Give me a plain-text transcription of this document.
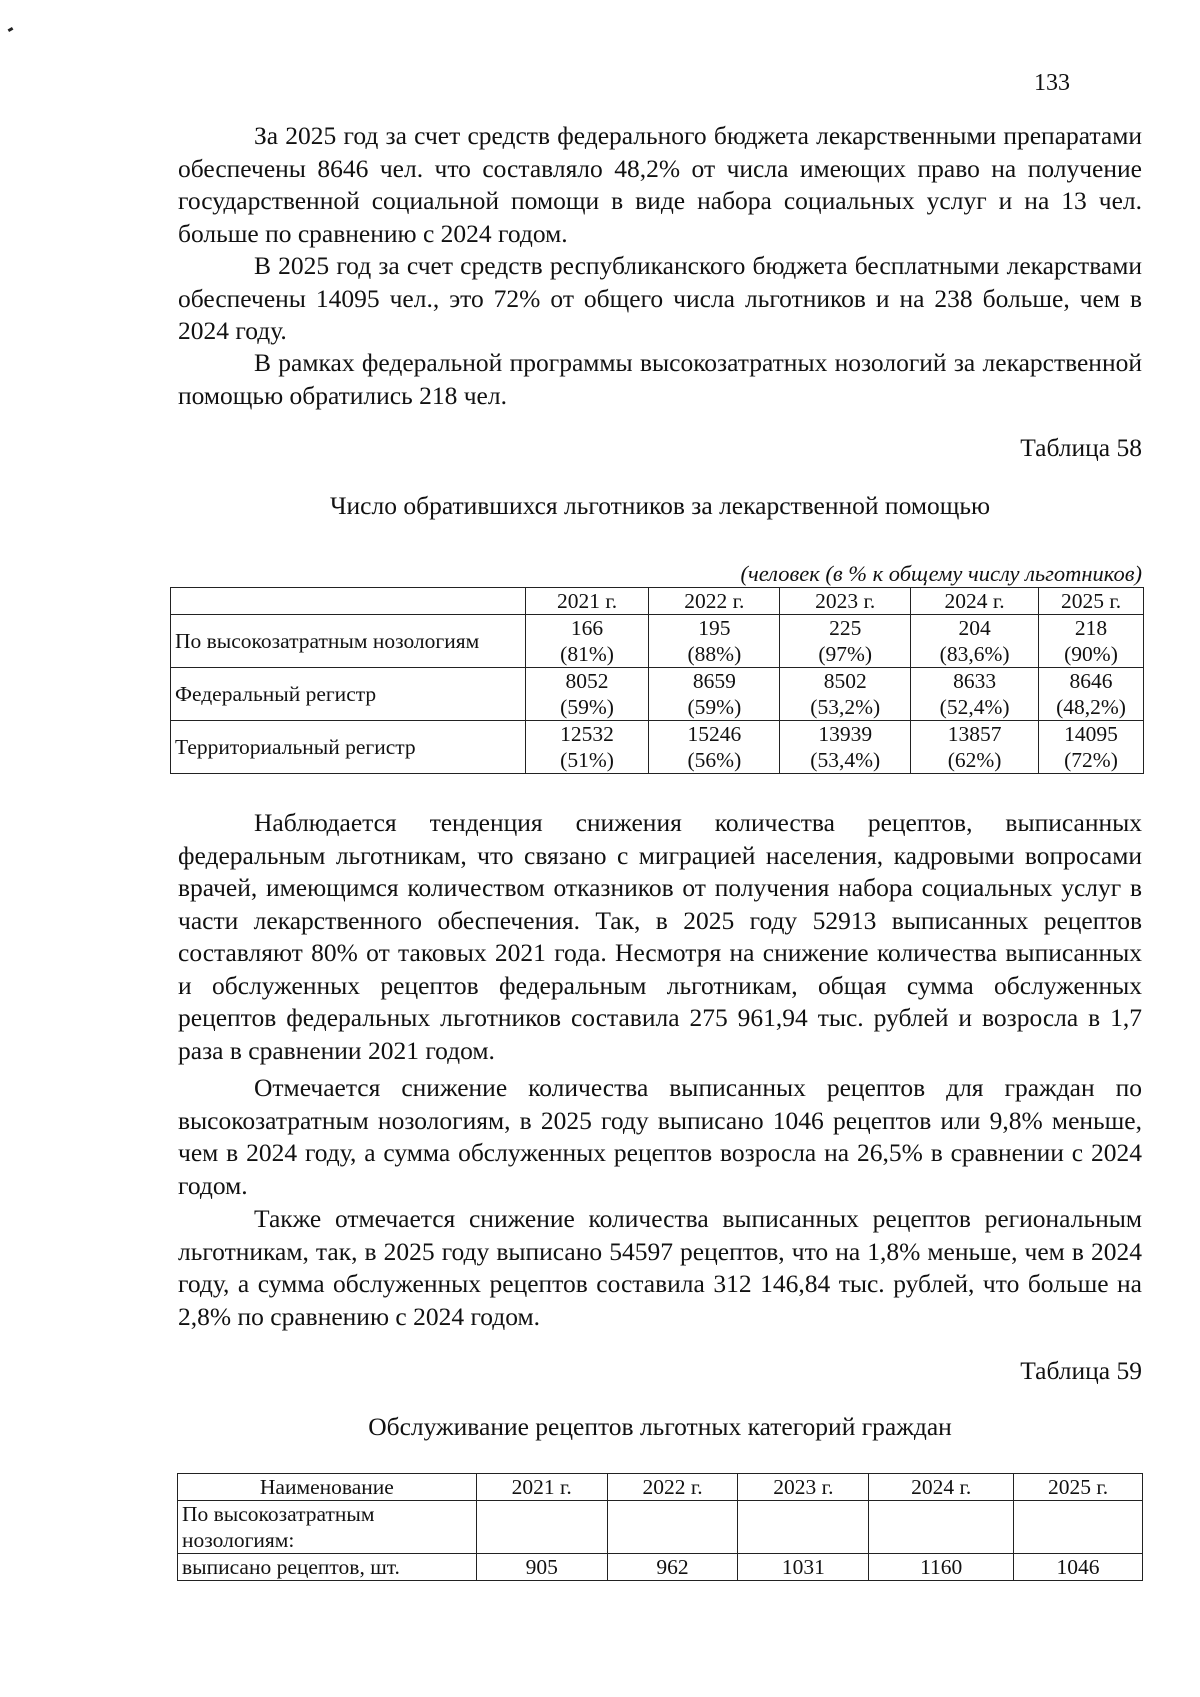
133

За 2025 год за счет средств федерального бюджета лекарственными препаратами обеспечены 8646 чел. что составляло 48,2% от числа имеющих право на получение государственной социальной помощи в виде набора социальных услуг и на 13 чел. больше по сравнению с 2024 годом.

В 2025 год за счет средств республиканского бюджета бесплатными лекарствами обеспечены 14095 чел., это 72% от общего числа льготников и на 238 больше, чем в 2024 году.

В рамках федеральной программы высокозатратных нозологий за лекарственной помощью обратились 218 чел.

Таблица 58
Число обратившихся льготников за лекарственной помощью
(человек (в % к общему числу льготников)
	2021 г.	2022 г.	2023 г.	2024 г.	2025 г.
По высокозатратным нозологиям	166	195	225	204	218
	(81%)	(88%)	(97%)	(83,6%)	(90%)
Федеральный регистр	8052	8659	8502	8633	8646
	(59%)	(59%)	(53,2%)	(52,4%)	(48,2%)
Территориальный регистр	12532	15246	13939	13857	14095
	(51%)	(56%)	(53,4%)	(62%)	(72%)

Наблюдается тенденция снижения количества рецептов, выписанных федеральным льготникам, что связано с миграцией населения, кадровыми вопросами врачей, имеющимся количеством отказников от получения набора социальных услуг в части лекарственного обеспечения. Так, в 2025 году 52913 выписанных рецептов составляют 80% от таковых 2021 года. Несмотря на снижение количества выписанных и обслуженных рецептов федеральным льготникам, общая сумма обслуженных рецептов федеральных льготников составила 275 961,94 тыс. рублей и возросла в 1,7 раза в сравнении 2021 годом.

Отмечается снижение количества выписанных рецептов для граждан по высокозатратным нозологиям, в 2025 году выписано 1046 рецептов или 9,8% меньше, чем в 2024 году, а сумма обслуженных рецептов возросла на 26,5% в сравнении с 2024 годом.

Также отмечается снижение количества выписанных рецептов региональным льготникам, так, в 2025 году выписано 54597 рецептов, что на 1,8% меньше, чем в 2024 году, а сумма обслуженных рецептов составила 312 146,84 тыс. рублей, что больше на 2,8% по сравнению с 2024 годом.

Таблица 59
Обслуживание рецептов льготных категорий граждан
Наименование	2021 г.	2022 г.	2023 г.	2024 г.	2025 г.
По высокозатратным нозологиям:					
выписано рецептов, шт.	905	962	1031	1160	1046
